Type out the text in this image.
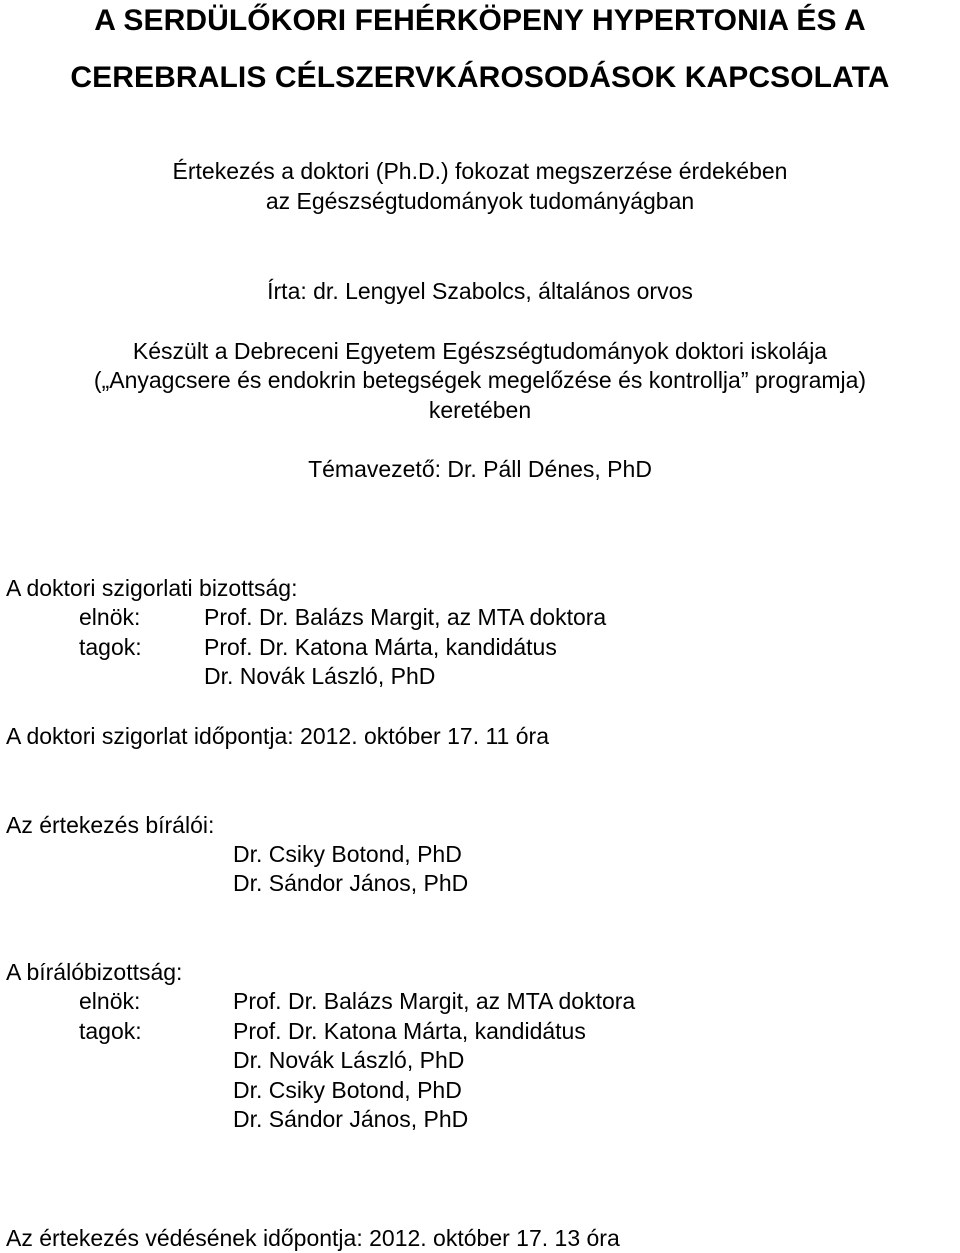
A SERDÜLŐKORI FEHÉRKÖPENY HYPERTONIA ÉS A
CEREBRALIS CÉLSZERVKÁROSODÁSOK KAPCSOLATA
Értekezés a doktori (Ph.D.) fokozat megszerzése érdekében
az Egészségtudományok tudományágban
Írta: dr. Lengyel Szabolcs, általános orvos
Készült a Debreceni Egyetem Egészségtudományok doktori iskolája
(„Anyagcsere és endokrin betegségek megelőzése és kontrollja” programja)
keretében
Témavezető: Dr. Páll Dénes, PhD
A doktori szigorlati bizottság:
elnök:	Prof. Dr. Balázs Margit, az MTA doktora
tagok:	Prof. Dr. Katona Márta, kandidátus
Dr. Novák László, PhD
A doktori szigorlat időpontja: 2012. október 17. 11 óra
Az értekezés bírálói:
Dr. Csiky Botond, PhD
Dr. Sándor János, PhD
A bírálóbizottság:
elnök:	Prof. Dr. Balázs Margit, az MTA doktora
tagok:	Prof. Dr. Katona Márta, kandidátus
Dr. Novák László, PhD
Dr. Csiky Botond, PhD
Dr. Sándor János, PhD
Az értekezés védésének időpontja: 2012. október 17. 13 óra
